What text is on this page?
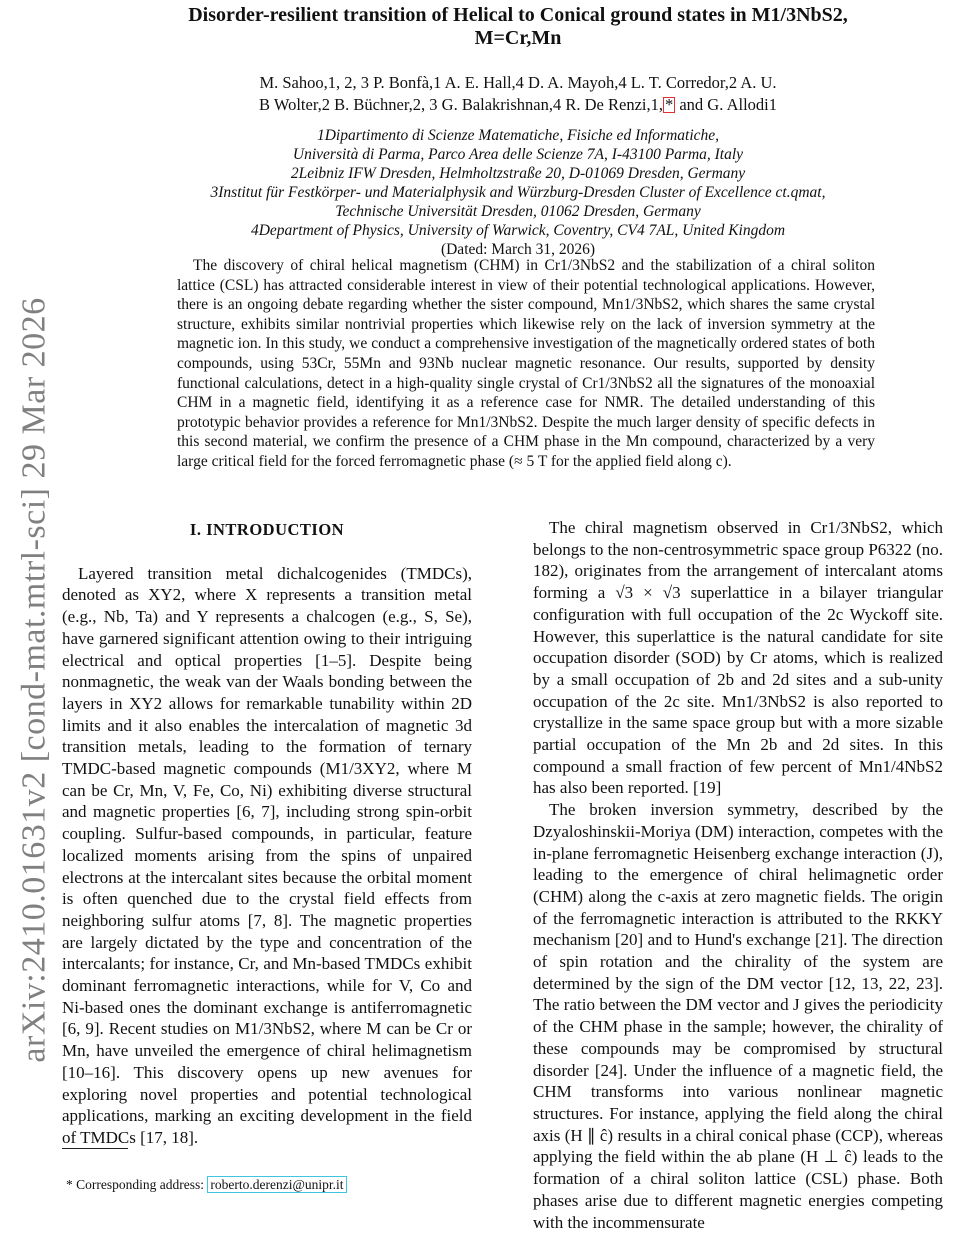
arXiv:2410.01631v2 [cond-mat.mtrl-sci] 29 Mar 2026
Disorder-resilient transition of Helical to Conical ground states in M1/3NbS2,
M=Cr,Mn
M. Sahoo,1, 2, 3 P. Bonfà,1 A. E. Hall,4 D. A. Mayoh,4 L. T. Corredor,2 A. U.
B Wolter,2 B. Büchner,2, 3 G. Balakrishnan,4 R. De Renzi,1, * and G. Allodi1
1Dipartimento di Scienze Matematiche, Fisiche ed Informatiche,
Università di Parma, Parco Area delle Scienze 7A, I-43100 Parma, Italy
2Leibniz IFW Dresden, Helmholtzstraße 20, D-01069 Dresden, Germany
3Institut für Festkörper- und Materialphysik and Würzburg-Dresden Cluster of Excellence ct.qmat,
Technische Universität Dresden, 01062 Dresden, Germany
4Department of Physics, University of Warwick, Coventry, CV4 7AL, United Kingdom
(Dated: March 31, 2026)

The discovery of chiral helical magnetism (CHM) in Cr1/3NbS2 and the stabilization of a chiral soliton lattice (CSL) has attracted considerable interest in view of their potential technological applications. However, there is an ongoing debate regarding whether the sister compound, Mn1/3NbS2, which shares the same crystal structure, exhibits similar nontrivial properties which likewise rely on the lack of inversion symmetry at the magnetic ion. In this study, we conduct a comprehensive investigation of the magnetically ordered states of both compounds, using 53Cr, 55Mn and 93Nb nuclear magnetic resonance. Our results, supported by density functional calculations, detect in a high-quality single crystal of Cr1/3NbS2 all the signatures of the monoaxial CHM in a magnetic field, identifying it as a reference case for NMR. The detailed understanding of this prototypic behavior provides a reference for Mn1/3NbS2. Despite the much larger density of specific defects in this second material, we confirm the presence of a CHM phase in the Mn compound, characterized by a very large critical field for the forced ferromagnetic phase (≈ 5 T for the applied field along c).

I. INTRODUCTION

Layered transition metal dichalcogenides (TMDCs), denoted as XY2, where X represents a transition metal (e.g., Nb, Ta) and Y represents a chalcogen (e.g., S, Se), have garnered significant attention owing to their intriguing electrical and optical properties [1–5]. Despite being nonmagnetic, the weak van der Waals bonding between the layers in XY2 allows for remarkable tunability within 2D limits and it also enables the intercalation of magnetic 3d transition metals, leading to the formation of ternary TMDC-based magnetic compounds (M1/3XY2, where M can be Cr, Mn, V, Fe, Co, Ni) exhibiting diverse structural and magnetic properties [6, 7], including strong spin-orbit coupling. Sulfur-based compounds, in particular, feature localized moments arising from the spins of unpaired electrons at the intercalant sites because the orbital moment is often quenched due to the crystal field effects from neighboring sulfur atoms [7, 8]. The magnetic properties are largely dictated by the type and concentration of the intercalants; for instance, Cr, and Mn-based TMDCs exhibit dominant ferromagnetic interactions, while for V, Co and Ni-based ones the dominant exchange is antiferromagnetic [6, 9]. Recent studies on M1/3NbS2, where M can be Cr or Mn, have unveiled the emergence of chiral helimagnetism [10–16]. This discovery opens up new avenues for exploring novel properties and potential technological applications, marking an exciting development in the field of TMDCs [17, 18].

The chiral magnetism observed in Cr1/3NbS2, which belongs to the non-centrosymmetric space group P6322 (no. 182), originates from the arrangement of intercalant atoms forming a √3 × √3 superlattice in a bilayer triangular configuration with full occupation of the 2c Wyckoff site. However, this superlattice is the natural candidate for site occupation disorder (SOD) by Cr atoms, which is realized by a small occupation of 2b and 2d sites and a sub-unity occupation of the 2c site. Mn1/3NbS2 is also reported to crystallize in the same space group but with a more sizable partial occupation of the Mn 2b and 2d sites. In this compound a small fraction of few percent of Mn1/4NbS2 has also been reported. [19]

The broken inversion symmetry, described by the Dzyaloshinskii-Moriya (DM) interaction, competes with the in-plane ferromagnetic Heisenberg exchange interaction (J), leading to the emergence of chiral helimagnetic order (CHM) along the c-axis at zero magnetic fields. The origin of the ferromagnetic interaction is attributed to the RKKY mechanism [20] and to Hund's exchange [21]. The direction of spin rotation and the chirality of the system are determined by the sign of the DM vector [12, 13, 22, 23]. The ratio between the DM vector and J gives the periodicity of the CHM phase in the sample; however, the chirality of these compounds may be compromised by structural disorder [24]. Under the influence of a magnetic field, the CHM transforms into various nonlinear magnetic structures. For instance, applying the field along the chiral axis (H ∥ ĉ) results in a chiral conical phase (CCP), whereas applying the field within the ab plane (H ⊥ ĉ) leads to the formation of a chiral soliton lattice (CSL) phase. Both phases arise due to different magnetic energies competing with the incommensurate

* Corresponding address: roberto.derenzi@unipr.it
